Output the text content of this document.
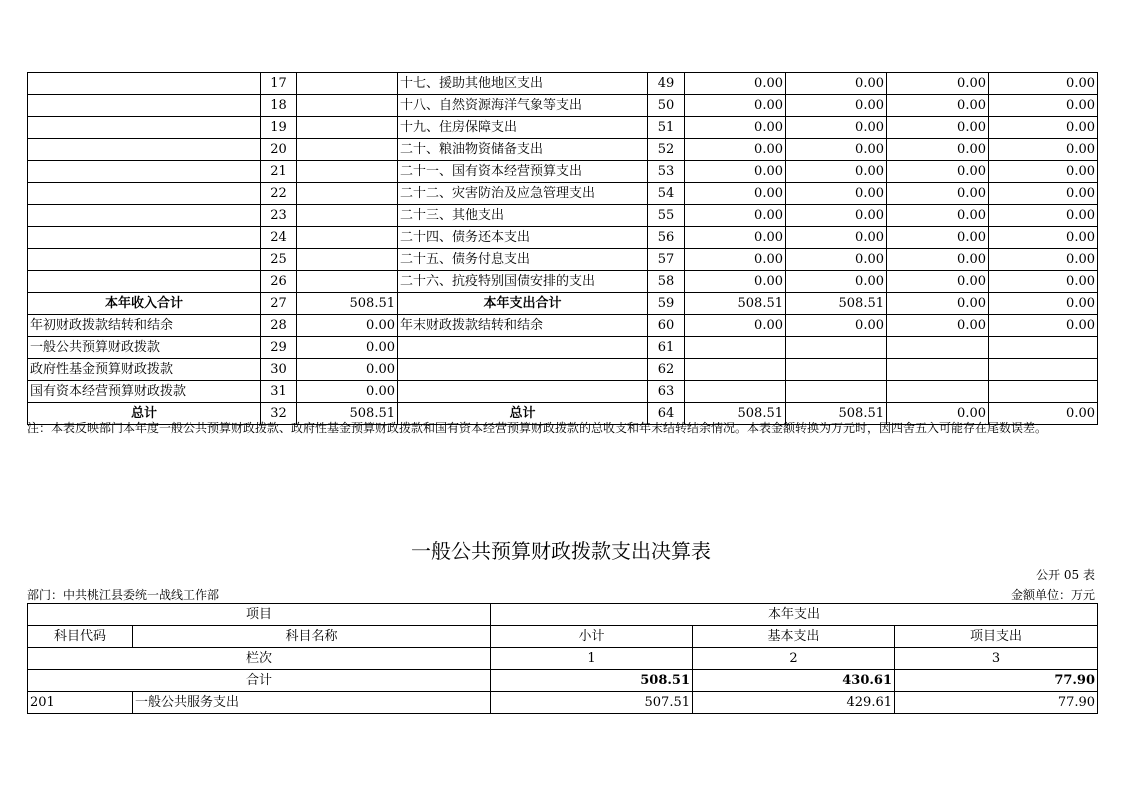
	17		十七、援助其他地区支出	49	0.00	0.00	0.00	0.00
	18		十八、自然资源海洋气象等支出	50	0.00	0.00	0.00	0.00
	19		十九、住房保障支出	51	0.00	0.00	0.00	0.00
	20		二十、粮油物资储备支出	52	0.00	0.00	0.00	0.00
	21		二十一、国有资本经营预算支出	53	0.00	0.00	0.00	0.00
	22		二十二、灾害防治及应急管理支出	54	0.00	0.00	0.00	0.00
	23		二十三、其他支出	55	0.00	0.00	0.00	0.00
	24		二十四、债务还本支出	56	0.00	0.00	0.00	0.00
	25		二十五、债务付息支出	57	0.00	0.00	0.00	0.00
	26		二十六、抗疫特别国债安排的支出	58	0.00	0.00	0.00	0.00
本年收入合计	27	508.51	本年支出合计	59	508.51	508.51	0.00	0.00
年初财政拨款结转和结余	28	0.00	年末财政拨款结转和结余	60	0.00	0.00	0.00	0.00
一般公共预算财政拨款	29	0.00		61				
政府性基金预算财政拨款	30	0.00		62				
国有资本经营预算财政拨款	31	0.00		63				
总计	32	508.51	总计	64	508.51	508.51	0.00	0.00
注：本表反映部门本年度一般公共预算财政拨款、政府性基金预算财政拨款和国有资本经营预算财政拨款的总收支和年末结转结余情况。本表金额转换为万元时，因四舍五入可能存在尾数误差。
一般公共预算财政拨款支出决算表
公开 05 表
部门：中共桃江县委统一战线工作部	金额单位：万元
项目		本年支出		
科目代码	科目名称	小计	基本支出	项目支出
栏次		1	2	3
合计		508.51	430.61	77.90
201	一般公共服务支出	507.51	429.61	77.90
